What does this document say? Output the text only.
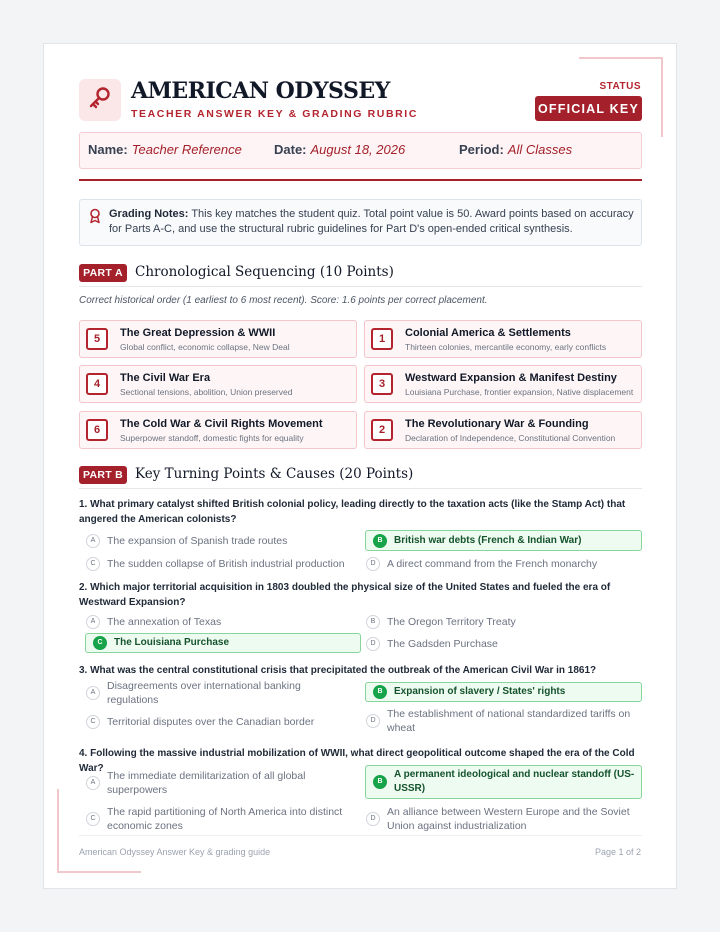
AMERICAN ODYSSEY
TEACHER ANSWER KEY & GRADING RUBRIC
STATUS
OFFICIAL KEY
Name: Teacher Reference Date: August 18, 2026	Period: All Classes
Grading Notes: This key matches the student quiz. Total point value is 50. Award points based on accuracy for Parts A-C, and use the structural rubric guidelines for Part D's open-ended critical synthesis.
PART A Chronological Sequencing (10 Points)
Correct historical order (1 earliest to 6 most recent). Score: 1.6 points per correct placement.
5	The Great Depression & WWII
Global conflict, economic collapse, New Deal
1	Colonial America & Settlements
Thirteen colonies, mercantile economy, early conflicts
4	The Civil War Era
Sectional tensions, abolition, Union preserved
3	Westward Expansion & Manifest Destiny
Louisiana Purchase, frontier expansion, Native displacement
6	The Cold War & Civil Rights Movement
Superpower standoff, domestic fights for equality
2	The Revolutionary War & Founding
Declaration of Independence, Constitutional Convention
PART B Key Turning Points & Causes (20 Points)
1. What primary catalyst shifted British colonial policy, leading directly to the taxation acts (like the Stamp Act) that angered the American colonists?
A	The expansion of Spanish trade routes	B	British war debts (French & Indian War)
C	The sudden collapse of British industrial production	D	A direct command from the French monarchy
2. Which major territorial acquisition in 1803 doubled the physical size of the United States and fueled the era of Westward Expansion?
A	The annexation of Texas	B	The Oregon Territory Treaty
C	The Louisiana Purchase	D	The Gadsden Purchase
3. What was the central constitutional crisis that precipitated the outbreak of the American Civil War in 1861?
A
Disagreements over international banking regulations
B	Expansion of slavery / States' rights
C	Territorial disputes over the Canadian border	D
The establishment of national standardized tariffs on wheat
4. Following the massive industrial mobilization of WWII, what direct geopolitical outcome shaped the era of the Cold War?
A
The immediate demilitarization of all global superpowers
B
A permanent ideological and nuclear standoff (US-USSR)
C
The rapid partitioning of North America into distinct economic zones
D
An alliance between Western Europe and the Soviet Union against industrialization
American Odyssey Answer Key & grading guide	Page 1 of 2
